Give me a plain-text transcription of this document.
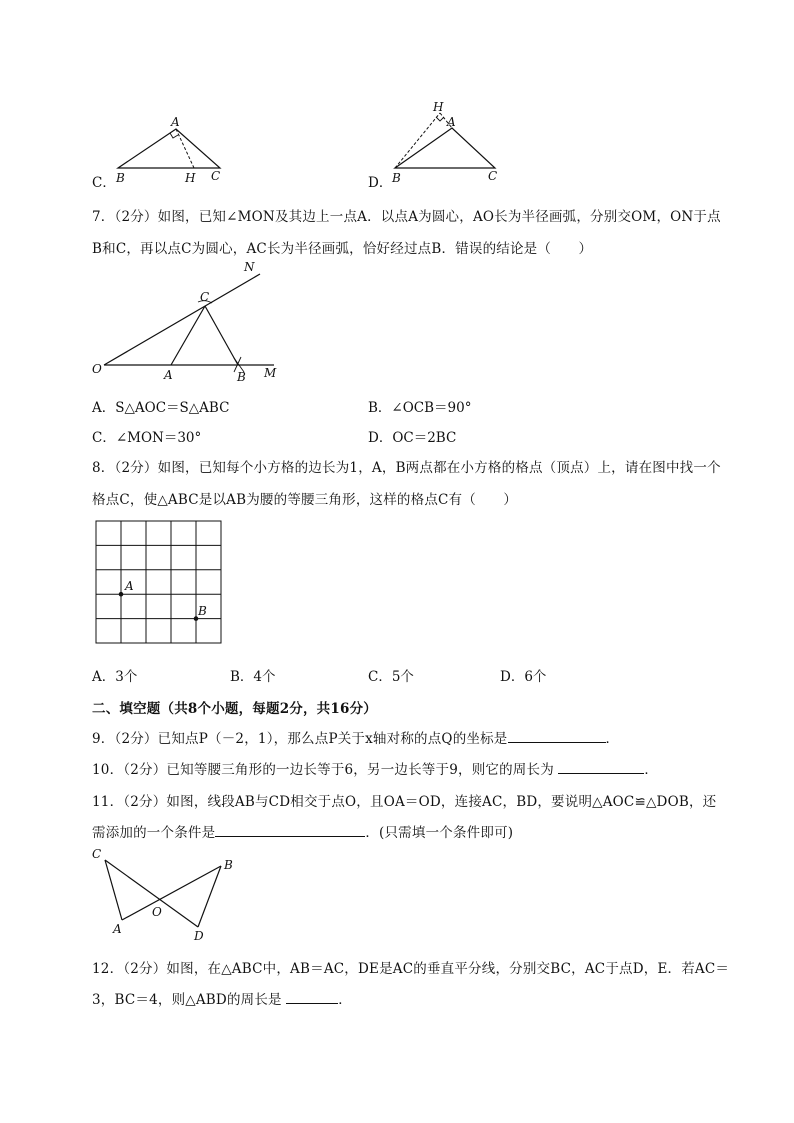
C．
A
B	H C	D．
H
A
B	C
7．（2分）如图，已知∠MON及其边上一点A．以点A为圆心，AO长为半径画弧，分别交OM，ON于点
B和C，再以点C为圆心，AC长为半径画弧，恰好经过点B．错误的结论是（　　）
N
C
O	A	B M
A．S△AOC＝S△ABC	B．∠OCB＝90°
C．∠MON＝30°	D．OC＝2BC
8．（2分）如图，已知每个小方格的边长为1，A，B两点都在小方格的格点（顶点）上，请在图中找一个
格点C，使△ABC是以AB为腰的等腰三角形，这样的格点C有（　　）
A
B
A．3个	B．4个	C．5个	D．6个
二、填空题（共8个小题，每题2分，共16分）
9．（2分）已知点P（－2，1），那么点P关于x轴对称的点Q的坐标是	．
10．（2分）已知等腰三角形的一边长等于6，另一边长等于9，则它的周长为	．
11．（2分）如图，线段AB与CD相交于点O，且OA＝OD，连接AC，BD，要说明△AOC≌△DOB，还
需添加的一个条件是	．(只需填一个条件即可)
C
B
O
A	D
12．（2分）如图，在△ABC中，AB＝AC，DE是AC的垂直平分线，分别交BC，AC于点D，E．若AC＝
3，BC＝4，则△ABD的周长是	．
